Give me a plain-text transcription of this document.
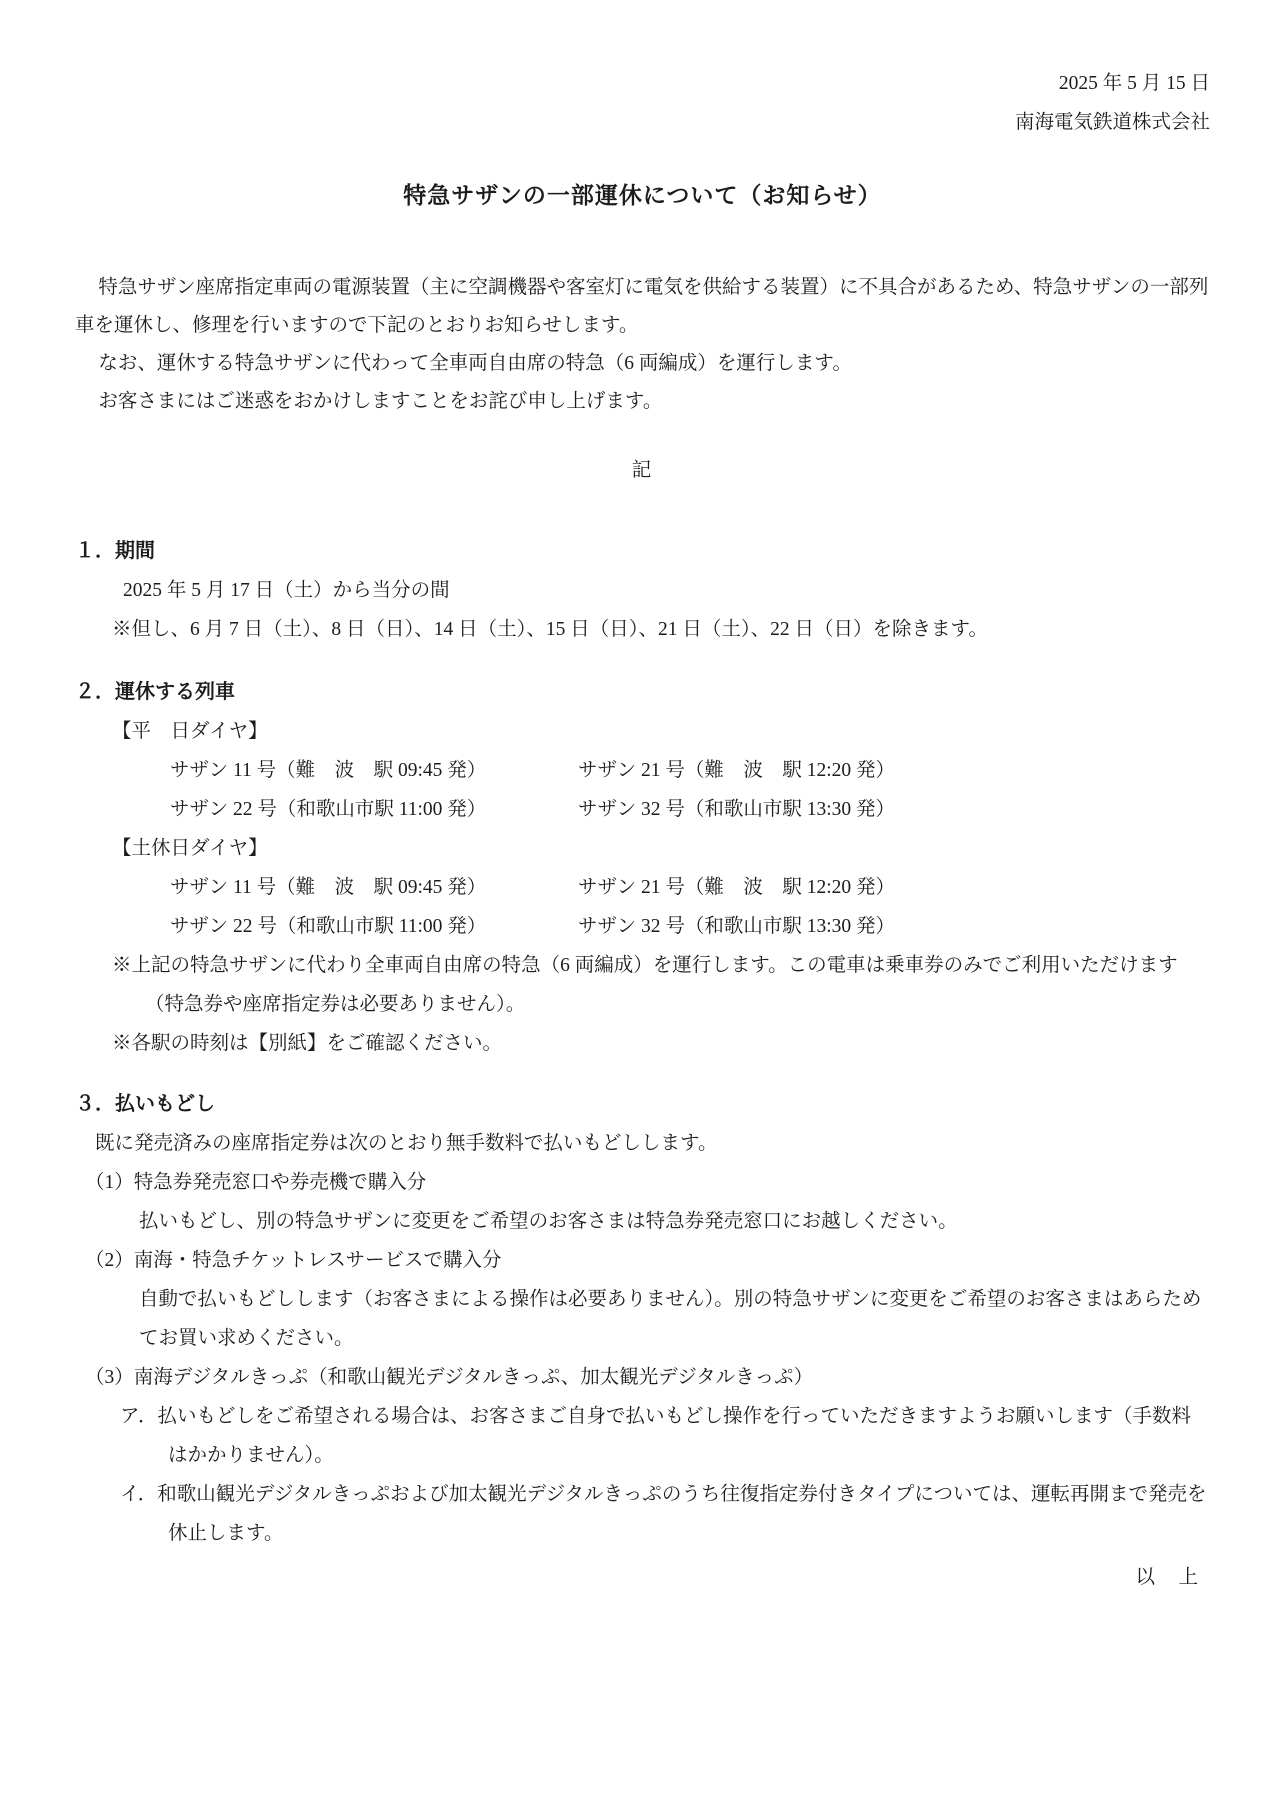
2025 年 5 月 15 日
南海電気鉄道株式会社
特急サザンの一部運休について（お知らせ）

特急サザン座席指定車両の電源装置（主に空調機器や客室灯に電気を供給する装置）に不具合があるため、特急サザンの一部列車を運休し、修理を行いますので下記のとおりお知らせします。

なお、運休する特急サザンに代わって全車両自由席の特急（6 両編成）を運行します。

お客さまにはご迷惑をおかけしますことをお詫び申し上げます。

記
１．期間
2025 年 5 月 17 日（土）から当分の間
※但し、6 月 7 日（土）、8 日（日）、14 日（土）、15 日（日）、21 日（土）、22 日（日）を除きます。
２．運休する列車
【平　日ダイヤ】
サザン 11 号（難　波　駅 09:45 発）	サザン 21 号（難　波　駅 12:20 発）
サザン 22 号（和歌山市駅 11:00 発）	サザン 32 号（和歌山市駅 13:30 発）
【土休日ダイヤ】
サザン 11 号（難　波　駅 09:45 発）	サザン 21 号（難　波　駅 12:20 発）
サザン 22 号（和歌山市駅 11:00 発）	サザン 32 号（和歌山市駅 13:30 発）
※上記の特急サザンに代わり全車両自由席の特急（6 両編成）を運行します。この電車は乗車券のみでご利用いただけます（特急券や座席指定券は必要ありません）。
※各駅の時刻は【別紙】をご確認ください。
３．払いもどし
既に発売済みの座席指定券は次のとおり無手数料で払いもどしします。
（1）特急券発売窓口や券売機で購入分
払いもどし、別の特急サザンに変更をご希望のお客さまは特急券発売窓口にお越しください。
（2）南海・特急チケットレスサービスで購入分
自動で払いもどしします（お客さまによる操作は必要ありません）。別の特急サザンに変更をご希望のお客さまはあらためてお買い求めください。
（3）南海デジタルきっぷ（和歌山観光デジタルきっぷ、加太観光デジタルきっぷ）
ア．払いもどしをご希望される場合は、お客さまご自身で払いもどし操作を行っていただきますようお願いします（手数料はかかりません）。
イ．和歌山観光デジタルきっぷおよび加太観光デジタルきっぷのうち往復指定券付きタイプについては、運転再開まで発売を休止します。
以　上
